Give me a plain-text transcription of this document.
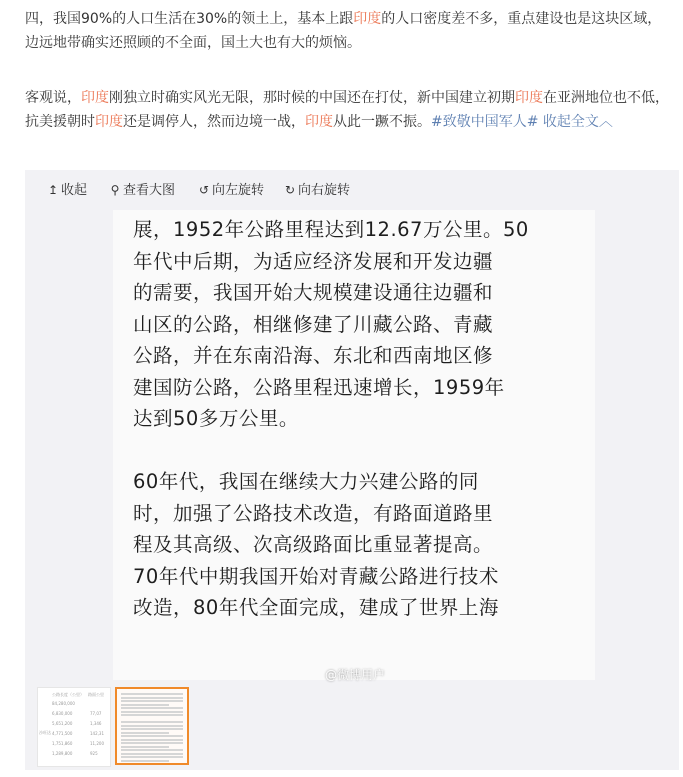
四，我国90%的人口生活在30%的领土上，基本上跟印度的人口密度差不多，重点建设也是这块区域，边远地带确实还照顾的不全面，国土大也有大的烦恼。
客观说，印度刚独立时确实风光无限，那时候的中国还在打仗，新中国建立初期印度在亚洲地位也不低，抗美援朝时印度还是调停人，然而边境一战，印度从此一蹶不振。#致敬中国军人# 收起全文︿
↥ 收起 ⚲ 查看大图 ↺ 向左旋转 ↻ 向右旋转
展，1952年公路里程达到12.67万公里。50
年代中后期，为适应经济发展和开发边疆
的需要，我国开始大规模建设通往边疆和
山区的公路，相继修建了川藏公路、青藏
公路，并在东南沿海、东北和西南地区修
建国防公路，公路里程迅速增长，1959年
达到50多万公里。
60年代，我国在继续大力兴建公路的同
时，加强了公路技术改造，有路面道路里
程及其高级、次高级路面比重显著提高。
70年代中期我国开始对青藏公路进行技术
改造，80年代全面完成，建成了世界上海
@微博用户
公路长度（公里） 路面公里
84,280,000
6,830,000	77,07
5,651,200	1,346
4,771,500	142,31
1,751,860	11,200
1,289,800	925
沙旺达
